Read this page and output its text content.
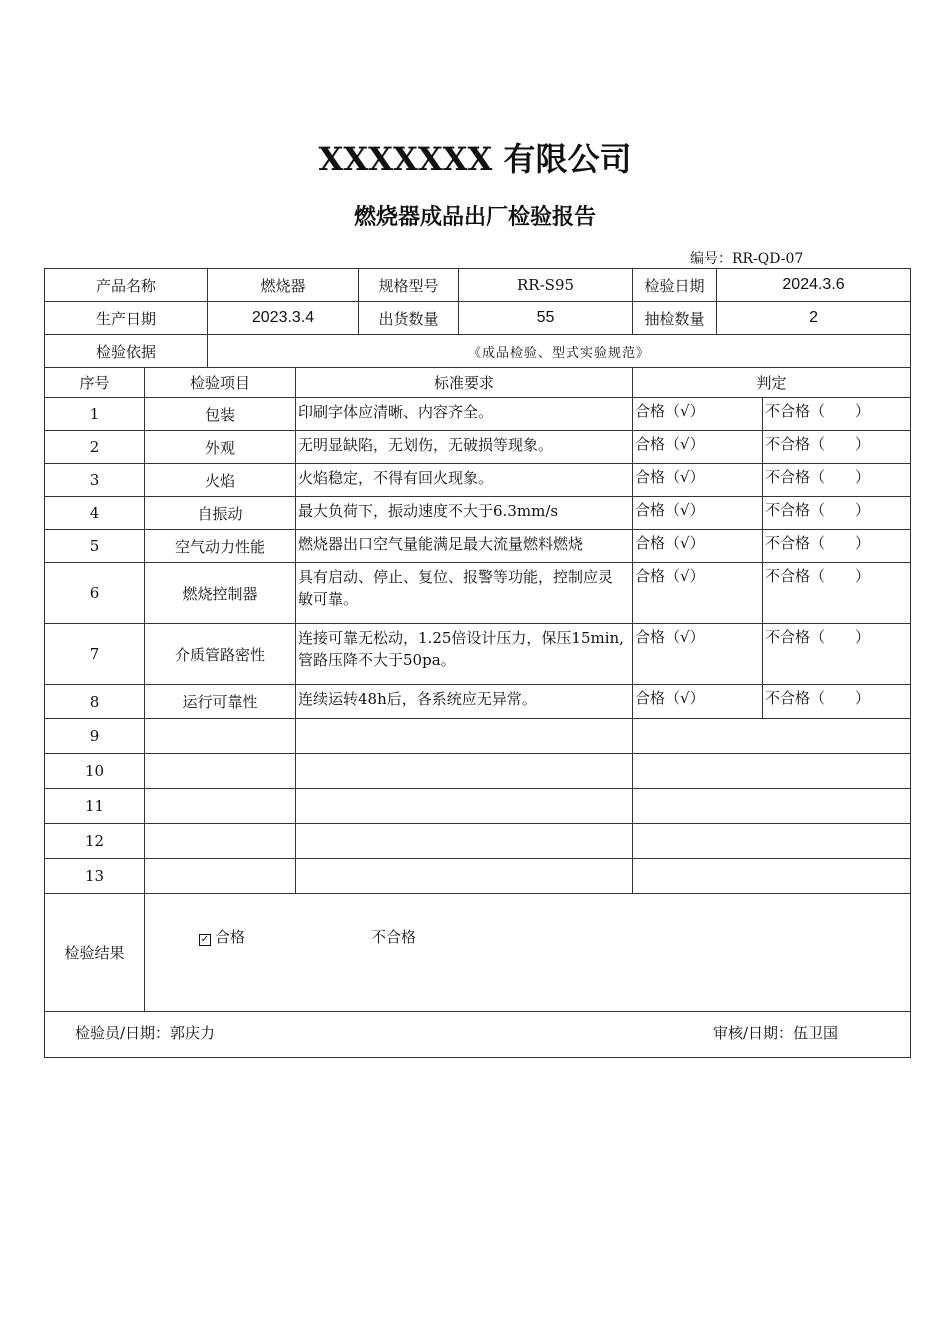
XXXXXXX 有限公司
燃烧器成品出厂检验报告
编号：RR-QD-07
产品名称		燃烧器		规格型号	RR-S95	检验日期	2024.3.6	
生产日期		2023.3.4		出货数量	55	抽检数量	2	
检验依据		《成品检验、型式实验规范》						
序号	检验项目		标准要求			判定		
1	包装		印刷字体应清晰、内容齐全。			合格（√）		不合格（　　）
2	外观		无明显缺陷，无划伤，无破损等现象。			合格（√）		不合格（　　）
3	火焰		火焰稳定，不得有回火现象。			合格（√）		不合格（　　）
4	自振动		最大负荷下，振动速度不大于6.3mm/s			合格（√）		不合格（　　）
5	空气动力性能		燃烧器出口空气量能满足最大流量燃料燃烧			合格（√）		不合格（　　）
6	燃烧控制器		具有启动、停止、复位、报警等功能，控制应灵 敏可靠。			合格（√）		不合格（　　）
7	介质管路密性		连接可靠无松动，1.25倍设计压力，保压15min, 管路压降不大于50pa。			合格（√）		不合格（　　）
8	运行可靠性		连续运转48h后，各系统应无异常。			合格（√）		不合格（　　）
9								
10								
11								
12								
13								
检验结果	✓ 合格 不合格							

检验员/日期：郭庆力 审核/日期：伍卫国								
